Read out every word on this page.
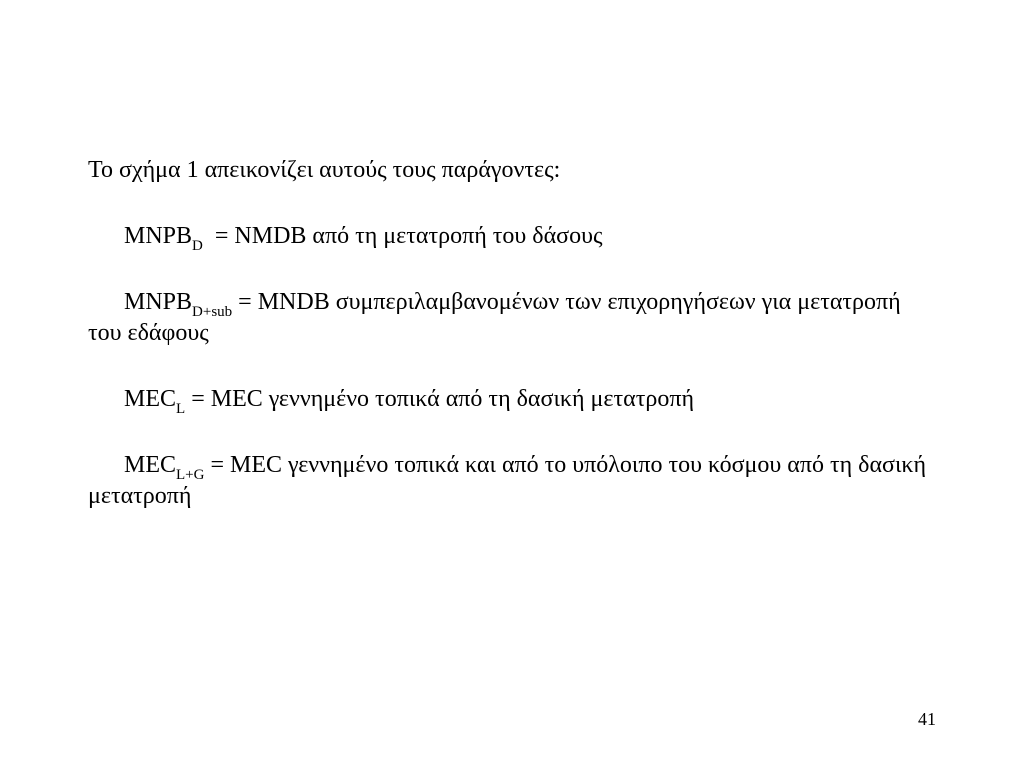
Το σχήμα 1 απεικονίζει αυτούς τους παράγοντες:

$MNPB_D$ = NMDB από τη μετατροπή του δάσους

$MNPB_{D+sub}$ = MNDB συμπεριλαμβανομένων των επιχορηγήσεων για μετατροπή του εδάφους

$MEC_L$ = MEC γεννημένο τοπικά από τη δασική μετατροπή

$MEC_{L+G}$ = MEC γεννημένο τοπικά και από το υπόλοιπο του κόσμου από τη δασική μετατροπή

41
